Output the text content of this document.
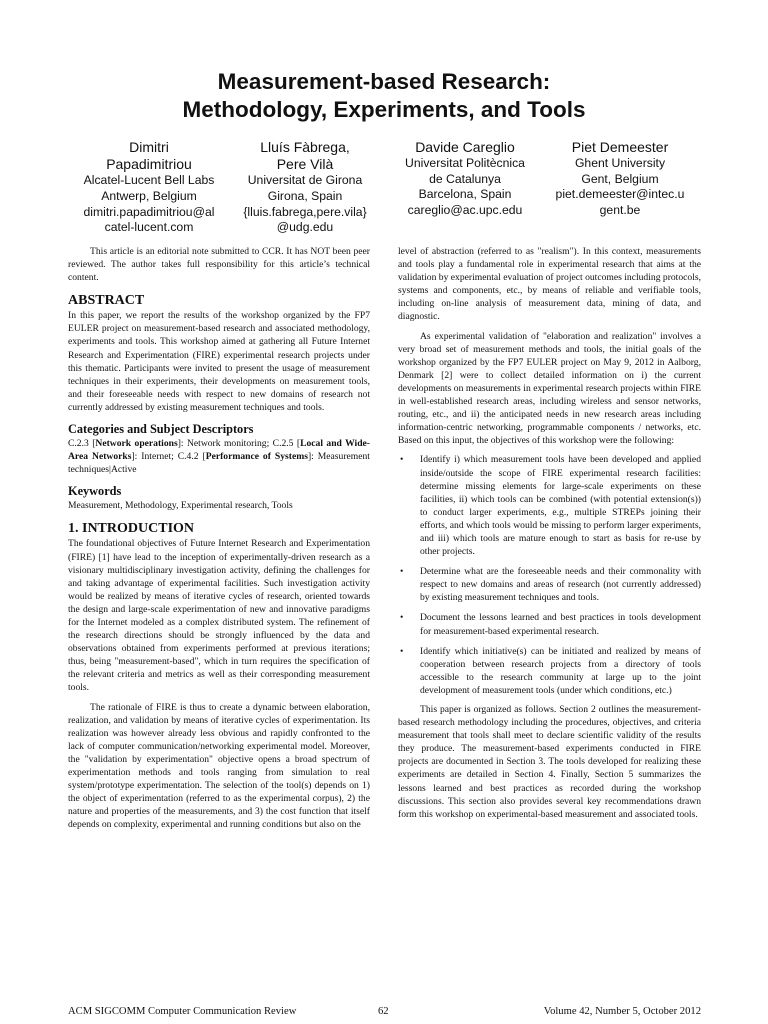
Measurement-based Research:
Methodology, Experiments, and Tools
Dimitri
Papadimitriou
Alcatel-Lucent Bell Labs
Antwerp, Belgium
dimitri.papadimitriou@al
catel-lucent.com
Lluís Fàbrega,
Pere Vilà
Universitat de Girona
Girona, Spain
{lluis.fabrega,pere.vila}
@udg.edu
Davide Careglio
Universitat Politècnica
de Catalunya
Barcelona, Spain
careglio@ac.upc.edu
Piet Demeester
Ghent University
Gent, Belgium
piet.demeester@intec.u
gent.be

This article is an editorial note submitted to CCR. It has NOT been peer reviewed. The author takes full responsibility for this article’s technical content.

ABSTRACT

In this paper, we report the results of the workshop organized by the FP7 EULER project on measurement-based research and associated methodology, experiments and tools. This workshop aimed at gathering all Future Internet Research and Experimentation (FIRE) experimental research projects under this thematic. Participants were invited to present the usage of measurement techniques in their experiments, their developments on measurement tools, and their foreseeable needs with respect to new domains of research not currently addressed by existing measurement techniques and tools.

Categories and Subject Descriptors

C.2.3 [Network operations]: Network monitoring; C.2.5 [Local and Wide-Area Networks]: Internet; C.4.2 [Performance of Systems]: Measurement techniques|Active

Keywords

Measurement, Methodology, Experimental research, Tools

1. INTRODUCTION

The foundational objectives of Future Internet Research and Experimentation (FIRE) [1] have lead to the inception of experimentally-driven research as a visionary multidisciplinary investigation activity, defining the challenges for and taking advantage of experimental facilities. Such investigation activity would be realized by means of iterative cycles of research, oriented towards the design and large-scale experimentation of new and innovative paradigms for the Internet modeled as a complex distributed system. The refinement of the research directions should be strongly influenced by the data and observations obtained from experiments performed at previous iterations; thus, being "measurement-based", which in turn requires the specification of the relevant criteria and metrics as well as their corresponding measurement tools.

The rationale of FIRE is thus to create a dynamic between elaboration, realization, and validation by means of iterative cycles of experimentation. Its realization was however already less obvious and rapidly confronted to the lack of computer communication/networking experimental model. Moreover, the "validation by experimentation" objective opens a broad spectrum of experimentation methods and tools ranging from simulation to real system/prototype experimentation. The selection of the tool(s) depends on 1) the object of experimentation (referred to as the experimental corpus), 2) the nature and properties of the measurements, and 3) the cost function that itself depends on complexity, experimental and running conditions but also on the

level of abstraction (referred to as "realism"). In this context, measurements and tools play a fundamental role in experimental research that aims at the validation by experimental evaluation of project outcomes including protocols, systems and components, etc., by means of reliable and verifiable tools, including on-line analysis of measurement data, mining of data, and diagnostic.

As experimental validation of "elaboration and realization" involves a very broad set of measurement methods and tools, the initial goals of the workshop organized by the FP7 EULER project on May 9, 2012 in Aalborg, Denmark [2] were to collect detailed information on i) the current developments on measurements in experimental research projects within FIRE in well-established research areas, including wireless and sensor networks, routing, etc., and ii) the anticipated needs in new research areas including information-centric networking, programmable components / networks, etc. Based on this input, the objectives of this workshop were the following:

• Identify i) which measurement tools have been developed and applied inside/outside the scope of FIRE experimental research facilities: determine missing elements for large-scale experiments on these facilities, ii) which tools can be combined (with potential extension(s)) to conduct larger experiments, e.g., multiple STREPs joining their efforts, and which tools would be missing to perform larger experiments, and iii) which tools are mature enough to start as basis for re-use by other projects.
• Determine what are the foreseeable needs and their commonality with respect to new domains and areas of research (not currently addressed) by existing measurement techniques and tools.
• Document the lessons learned and best practices in tools development for measurement-based experimental research.
• Identify which initiative(s) can be initiated and realized by means of cooperation between research projects from a directory of tools accessible to the research community at large up to the joint development of measurement tools (under which conditions, etc.)

This paper is organized as follows. Section 2 outlines the measurement-based research methodology including the procedures, objectives, and criteria measurement that tools shall meet to declare scientific validity of the results they produce. The measurement-based experiments conducted in FIRE projects are documented in Section 3. The tools developed for realizing these experiments are detailed in Section 4. Finally, Section 5 summarizes the lessons learned and best practices as recorded during the workshop discussions. This section also provides several key recommendations drawn form this workshop on experimental-based measurement and associated tools.

ACM SIGCOMM Computer Communication Review	62	Volume 42, Number 5, October 2012
